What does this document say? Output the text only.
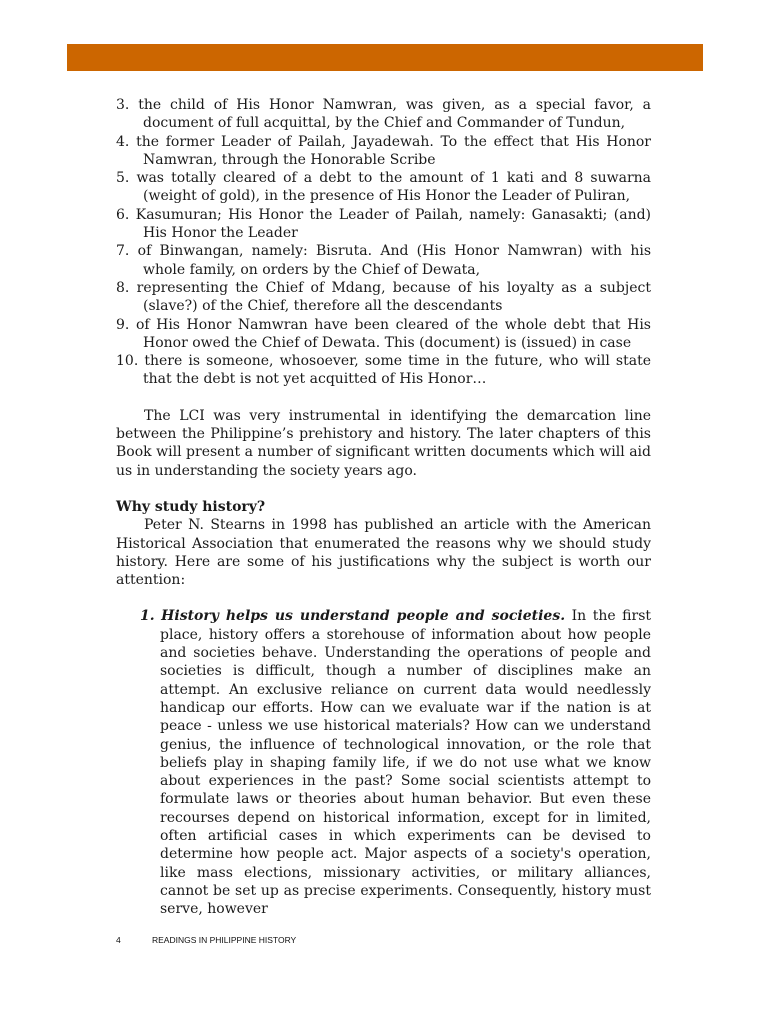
3. the child of His Honor Namwran, was given, as a special favor, a document of full acquittal, by the Chief and Commander of Tundun,

4. the former Leader of Pailah, Jayadewah. To the effect that His Honor Namwran, through the Honorable Scribe

5. was totally cleared of a debt to the amount of 1 kati and 8 suwarna (weight of gold), in the presence of His Honor the Leader of Puliran,

6. Kasumuran; His Honor the Leader of Pailah, namely: Ganasakti; (and) His Honor the Leader

7. of Binwangan, namely: Bisruta. And (His Honor Namwran) with his whole family, on orders by the Chief of Dewata,

8. representing the Chief of Mdang, because of his loyalty as a subject (slave?) of the Chief, therefore all the descendants

9. of His Honor Namwran have been cleared of the whole debt that His Honor owed the Chief of Dewata. This (document) is (issued) in case

10. there is someone, whosoever, some time in the future, who will state that the debt is not yet acquitted of His Honor…

The LCI was very instrumental in identifying the demarcation line between the Philippine’s prehistory and history. The later chapters of this Book will present a number of significant written documents which will aid us in understanding the society years ago.

Why study history?

Peter N. Stearns in 1998 has published an article with the American Historical Association that enumerated the reasons why we should study history. Here are some of his justifications why the subject is worth our attention:

1. History helps us understand people and societies. In the first place, history offers a storehouse of information about how people and societies behave. Understanding the operations of people and societies is difficult, though a number of disciplines make an attempt. An exclusive reliance on current data would needlessly handicap our efforts. How can we evaluate war if the nation is at peace - unless we use historical materials? How can we understand genius, the influence of technological innovation, or the role that beliefs play in shaping family life, if we do not use what we know about experiences in the past? Some social scientists attempt to formulate laws or theories about human behavior. But even these recourses depend on historical information, except for in limited, often artificial cases in which experiments can be devised to determine how people act. Major aspects of a society's operation, like mass elections, missionary activities, or military alliances, cannot be set up as precise experiments. Consequently, history must serve, however

4	READINGS IN PHILIPPINE HISTORY
